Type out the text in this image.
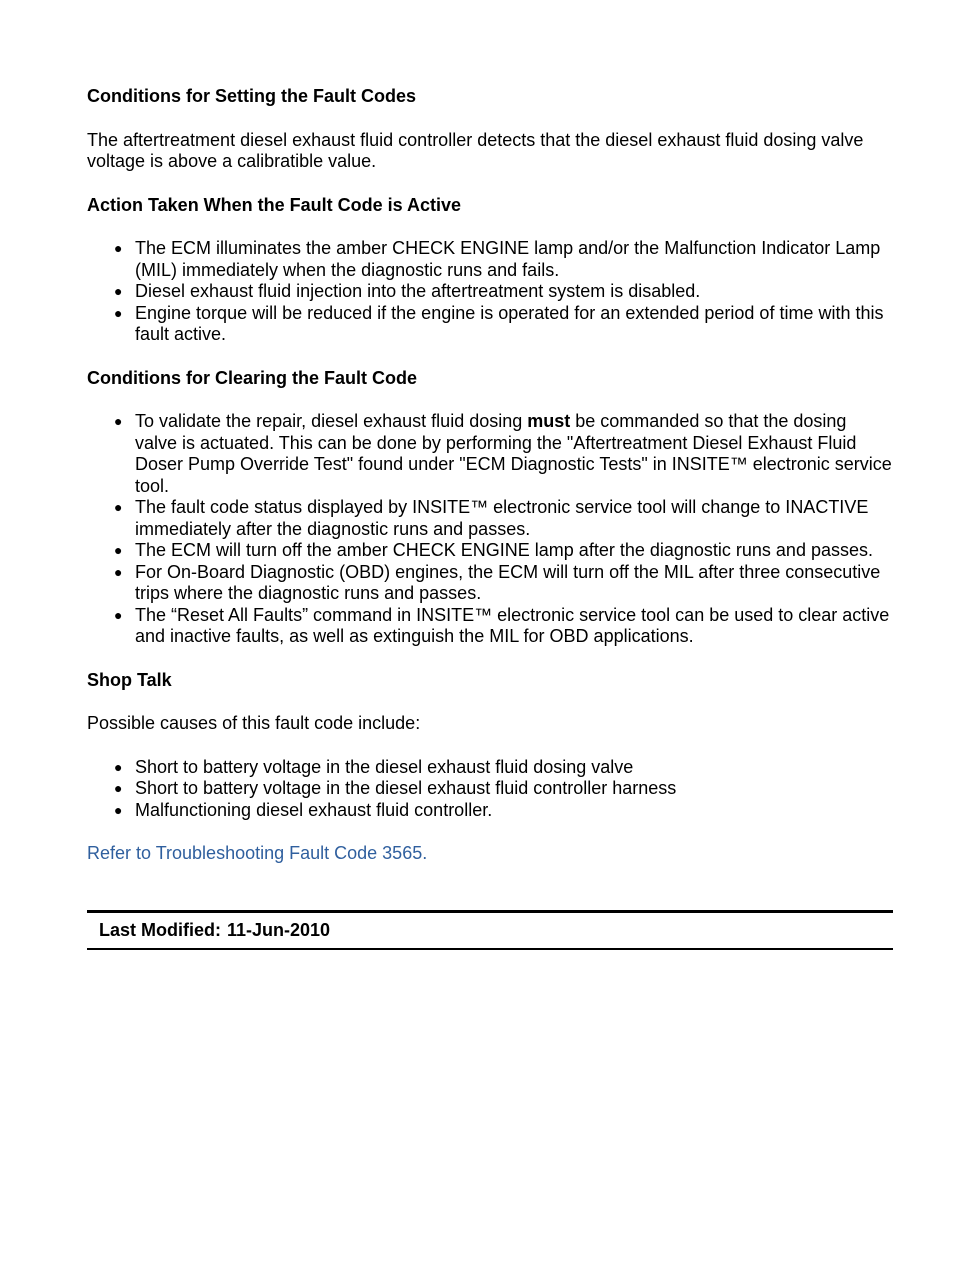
Conditions for Setting the Fault Codes
The aftertreatment diesel exhaust fluid controller detects that the diesel exhaust fluid dosing valve voltage is above a calibratible value.
Action Taken When the Fault Code is Active
● The ECM illuminates the amber CHECK ENGINE lamp and/or the Malfunction Indicator Lamp (MIL) immediately when the diagnostic runs and fails.
● Diesel exhaust fluid injection into the aftertreatment system is disabled.
● Engine torque will be reduced if the engine is operated for an extended period of time with this fault active.
Conditions for Clearing the Fault Code
● To validate the repair, diesel exhaust fluid dosing must be commanded so that the dosing valve is actuated. This can be done by performing the "Aftertreatment Diesel Exhaust Fluid Doser Pump Override Test" found under "ECM Diagnostic Tests" in INSITE™ electronic service tool.
● The fault code status displayed by INSITE™ electronic service tool will change to INACTIVE immediately after the diagnostic runs and passes.
● The ECM will turn off the amber CHECK ENGINE lamp after the diagnostic runs and passes.
● For On-Board Diagnostic (OBD) engines, the ECM will turn off the MIL after three consecutive trips where the diagnostic runs and passes.
● The “Reset All Faults” command in INSITE™ electronic service tool can be used to clear active and inactive faults, as well as extinguish the MIL for OBD applications.
Shop Talk
Possible causes of this fault code include:
● Short to battery voltage in the diesel exhaust fluid dosing valve
● Short to battery voltage in the diesel exhaust fluid controller harness
● Malfunctioning diesel exhaust fluid controller.
Refer to Troubleshooting Fault Code 3565.
Last Modified: 11-Jun-2010
